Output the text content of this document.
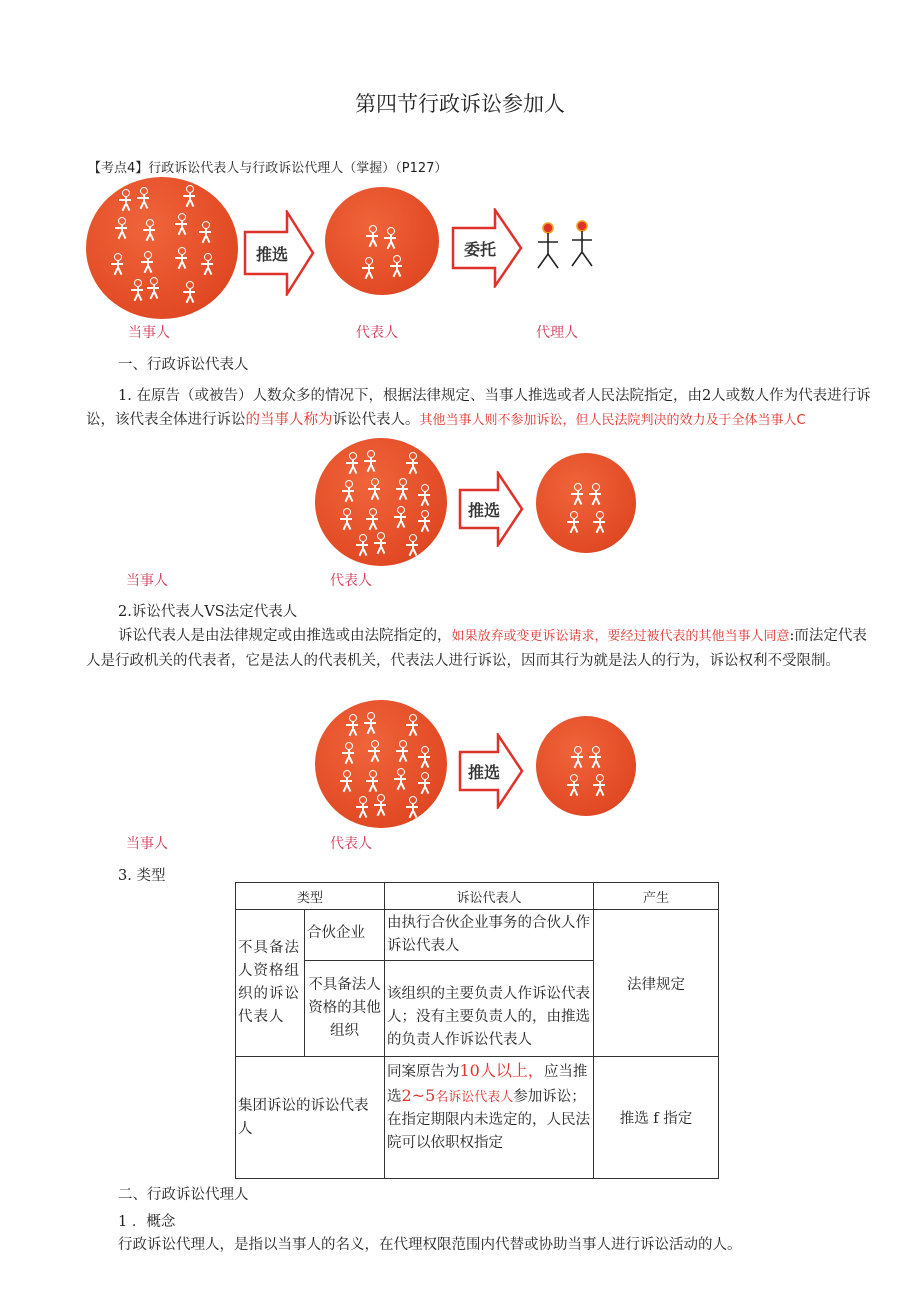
第四节行政诉讼参加人
【考点4】行政诉讼代表人与行政诉讼代理人（掌握）（P127）
推选	委托
当事人	代表人	代理人
一、行政诉讼代表人
1. 在原告（或被告）人数众多的情况下，根据法律规定、当事人推选或者人民法院指定，由2人或数人作为代表进行诉讼，该代表全体进行诉讼的当事人称为诉讼代表人。其他当事人则不参加诉讼，但人民法院判决的效力及于全体当事人C
推选
当事人	代表人
2.诉讼代表人VS法定代表人
诉讼代表人是由法律规定或由推选或由法院指定的，如果放弃或变更诉讼请求，要经过被代表的其他当事人同意:而法定代表人是行政机关的代表者，它是法人的代表机关，代表法人进行诉讼，因而其行为就是法人的行为，诉讼权利不受限制。
推选
当事人	代表人
3. 类型
类型		诉讼代表人	产生
不具备法人资格组织的诉讼代表人	合伙企业	由执行合伙企业事务的合伙人作诉讼代表人	法律规定
	不具备法人资格的其他组织	该组织的主要负责人作诉讼代表人；没有主要负责人的，由推选的负责人作诉讼代表人	
集团诉讼的诉讼代表人		同案原告为10人以上，应当推选2~5名诉讼代表人参加诉讼；在指定期限内未选定的，人民法院可以依职权指定	推选 f 指定
二、行政诉讼代理人
1 ．概念
行政诉讼代理人，是指以当事人的名义，在代理权限范围内代替或协助当事人进行诉讼活动的人。
